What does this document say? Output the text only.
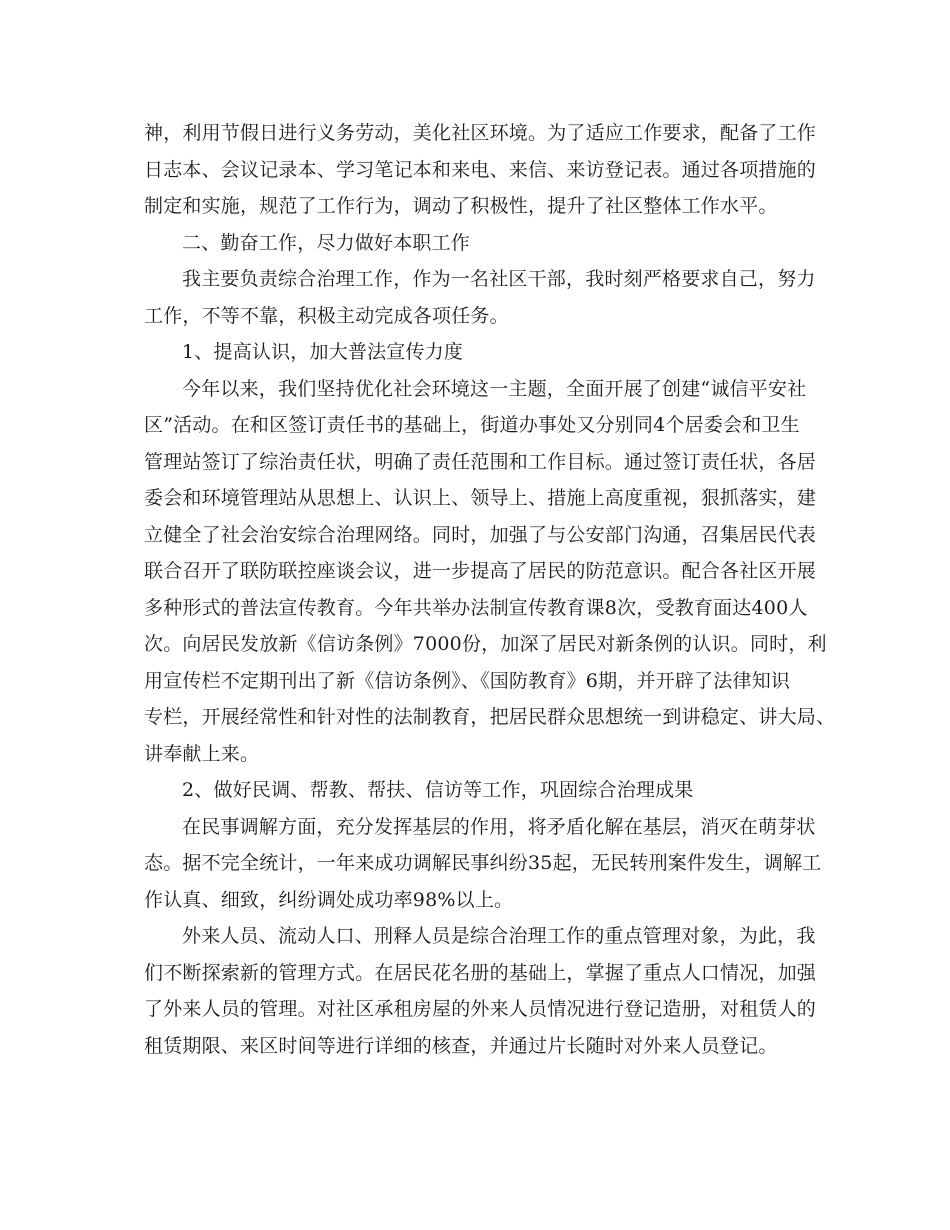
神，利用节假日进行义务劳动，美化社区环境。为了适应工作要求，配备了工作
日志本、会议记录本、学习笔记本和来电、来信、来访登记表。通过各项措施的
制定和实施，规范了工作行为，调动了积极性，提升了社区整体工作水平。
二、勤奋工作，尽力做好本职工作
我主要负责综合治理工作，作为一名社区干部，我时刻严格要求自己，努力
工作，不等不靠，积极主动完成各项任务。
1、提高认识，加大普法宣传力度
今年以来，我们坚持优化社会环境这一主题，全面开展了创建“诚信平安社
区”活动。在和区签订责任书的基础上，街道办事处又分别同4个居委会和卫生
管理站签订了综治责任状，明确了责任范围和工作目标。通过签订责任状，各居
委会和环境管理站从思想上、认识上、领导上、措施上高度重视，狠抓落实，建
立健全了社会治安综合治理网络。同时，加强了与公安部门沟通，召集居民代表
联合召开了联防联控座谈会议，进一步提高了居民的防范意识。配合各社区开展
多种形式的普法宣传教育。今年共举办法制宣传教育课8次，受教育面达400人
次。向居民发放新《信访条例》7000份，加深了居民对新条例的认识。同时，利
用宣传栏不定期刊出了新《信访条例》、《国防教育》6期，并开辟了法律知识
专栏，开展经常性和针对性的法制教育，把居民群众思想统一到讲稳定、讲大局、
讲奉献上来。
2、做好民调、帮教、帮扶、信访等工作，巩固综合治理成果
在民事调解方面，充分发挥基层的作用，将矛盾化解在基层，消灭在萌芽状
态。据不完全统计，一年来成功调解民事纠纷35起，无民转刑案件发生，调解工
作认真、细致，纠纷调处成功率98%以上。
外来人员、流动人口、刑释人员是综合治理工作的重点管理对象，为此，我
们不断探索新的管理方式。在居民花名册的基础上，掌握了重点人口情况，加强
了外来人员的管理。对社区承租房屋的外来人员情况进行登记造册，对租赁人的
租赁期限、来区时间等进行详细的核查，并通过片长随时对外来人员登记。
